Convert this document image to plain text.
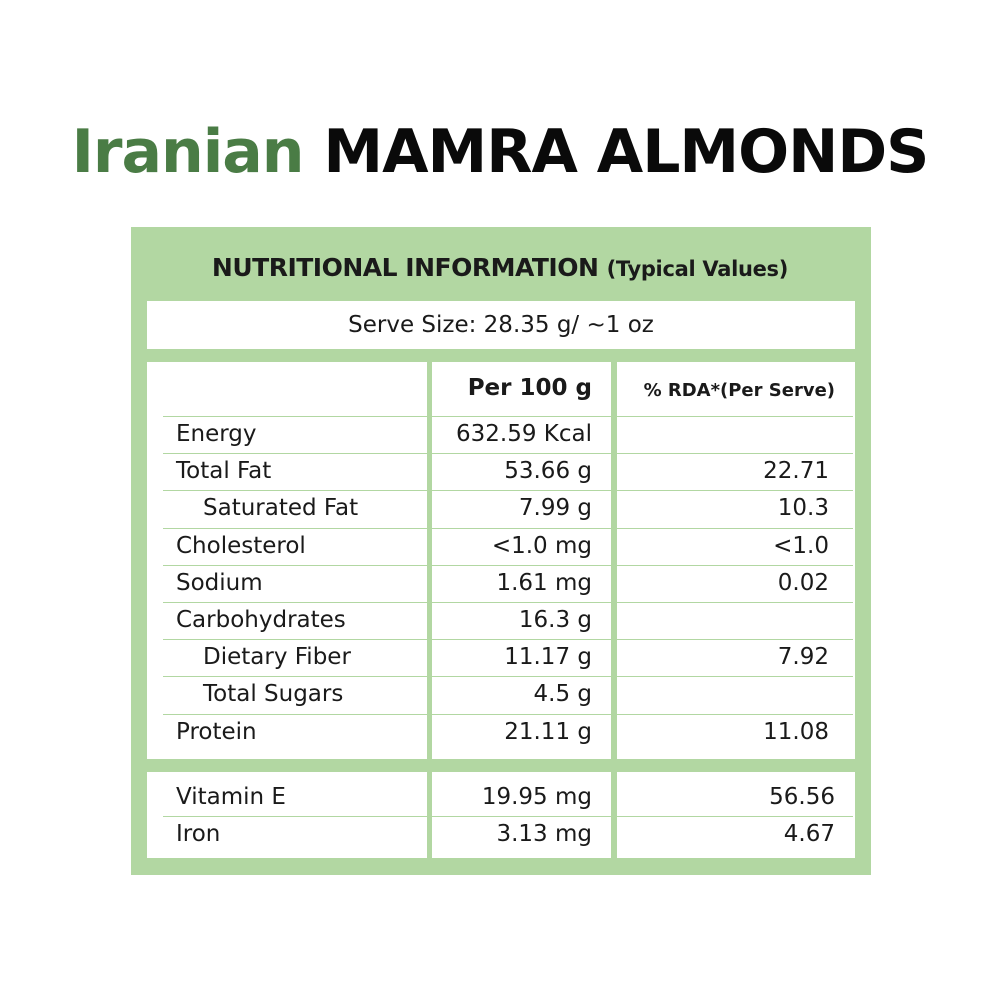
Iranian MAMRA ALMONDS
NUTRITIONAL INFORMATION (Typical Values)
Serve Size: 28.35 g/ ~1 oz
Per 100 g	% RDA*(Per Serve)
Energy	632.59 Kcal
Total Fat	53.66 g	22.71
Saturated Fat	7.99 g	10.3
Cholesterol	<1.0 mg	<1.0
Sodium	1.61 mg	0.02
Carbohydrates	16.3 g
Dietary Fiber	11.17 g	7.92
Total Sugars	4.5 g
Protein	21.11 g	11.08
Vitamin E	19.95 mg	56.56
Iron	3.13 mg	4.67
